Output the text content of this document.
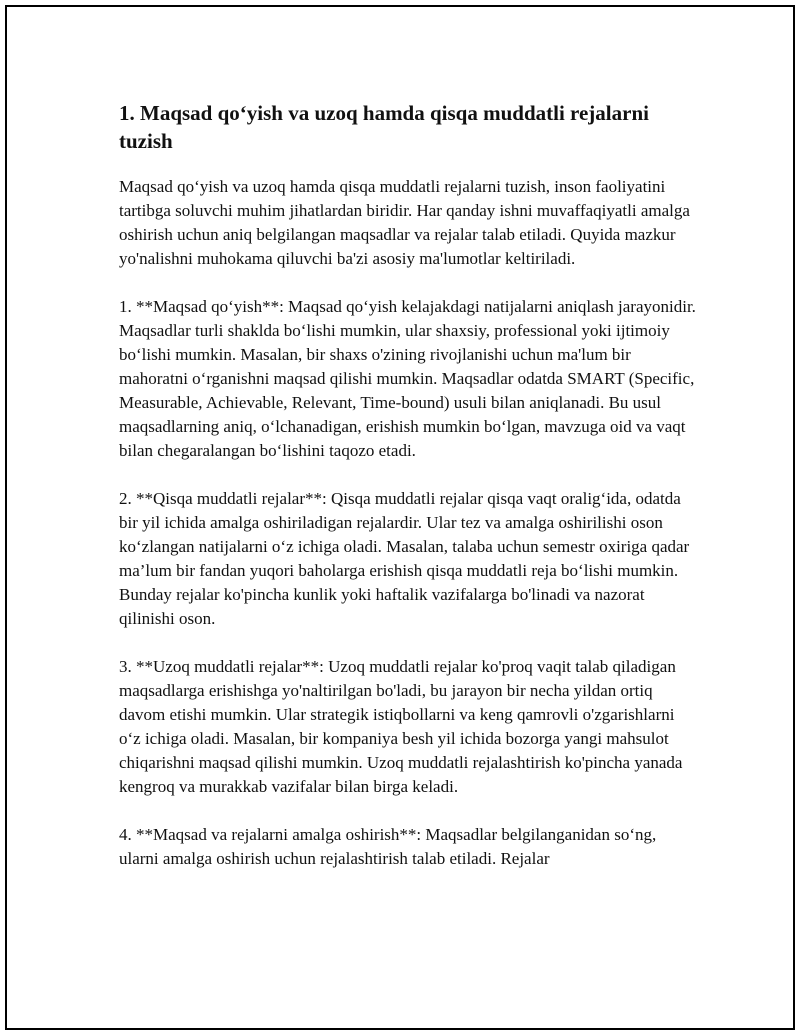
1. Maqsad qo‘yish va uzoq hamda qisqa muddatli rejalarni tuzish

Maqsad qo‘yish va uzoq hamda qisqa muddatli rejalarni tuzish, inson faoliyatini tartibga soluvchi muhim jihatlardan biridir. Har qanday ishni muvaffaqiyatli amalga oshirish uchun aniq belgilangan maqsadlar va rejalar talab etiladi. Quyida mazkur yo'nalishni muhokama qiluvchi ba'zi asosiy ma'lumotlar keltiriladi.

1. **Maqsad qo‘yish**: Maqsad qo‘yish kelajakdagi natijalarni aniqlash jarayonidir. Maqsadlar turli shaklda bo‘lishi mumkin, ular shaxsiy, professional yoki ijtimoiy bo‘lishi mumkin. Masalan, bir shaxs o'zining rivojlanishi uchun ma'lum bir mahoratni o‘rganishni maqsad qilishi mumkin. Maqsadlar odatda SMART (Specific, Measurable, Achievable, Relevant, Time-bound) usuli bilan aniqlanadi. Bu usul maqsadlarning aniq, o‘lchanadigan, erishish mumkin bo‘lgan, mavzuga oid va vaqt bilan chegaralangan bo‘lishini taqozo etadi.

2. **Qisqa muddatli rejalar**: Qisqa muddatli rejalar qisqa vaqt oralig‘ida, odatda bir yil ichida amalga oshiriladigan rejalardir. Ular tez va amalga oshirilishi oson ko‘zlangan natijalarni o‘z ichiga oladi. Masalan, talaba uchun semestr oxiriga qadar ma’lum bir fandan yuqori baholarga erishish qisqa muddatli reja bo‘lishi mumkin. Bunday rejalar ko'pincha kunlik yoki haftalik vazifalarga bo'linadi va nazorat qilinishi oson.

3. **Uzoq muddatli rejalar**: Uzoq muddatli rejalar ko'proq vaqit talab qiladigan maqsadlarga erishishga yo'naltirilgan bo'ladi, bu jarayon bir necha yildan ortiq davom etishi mumkin. Ular strategik istiqbollarni va keng qamrovli o'zgarishlarni o‘z ichiga oladi. Masalan, bir kompaniya besh yil ichida bozorga yangi mahsulot chiqarishni maqsad qilishi mumkin. Uzoq muddatli rejalashtirish ko'pincha yanada kengroq va murakkab vazifalar bilan birga keladi.

4. **Maqsad va rejalarni amalga oshirish**: Maqsadlar belgilanganidan so‘ng, ularni amalga oshirish uchun rejalashtirish talab etiladi. Rejalar
